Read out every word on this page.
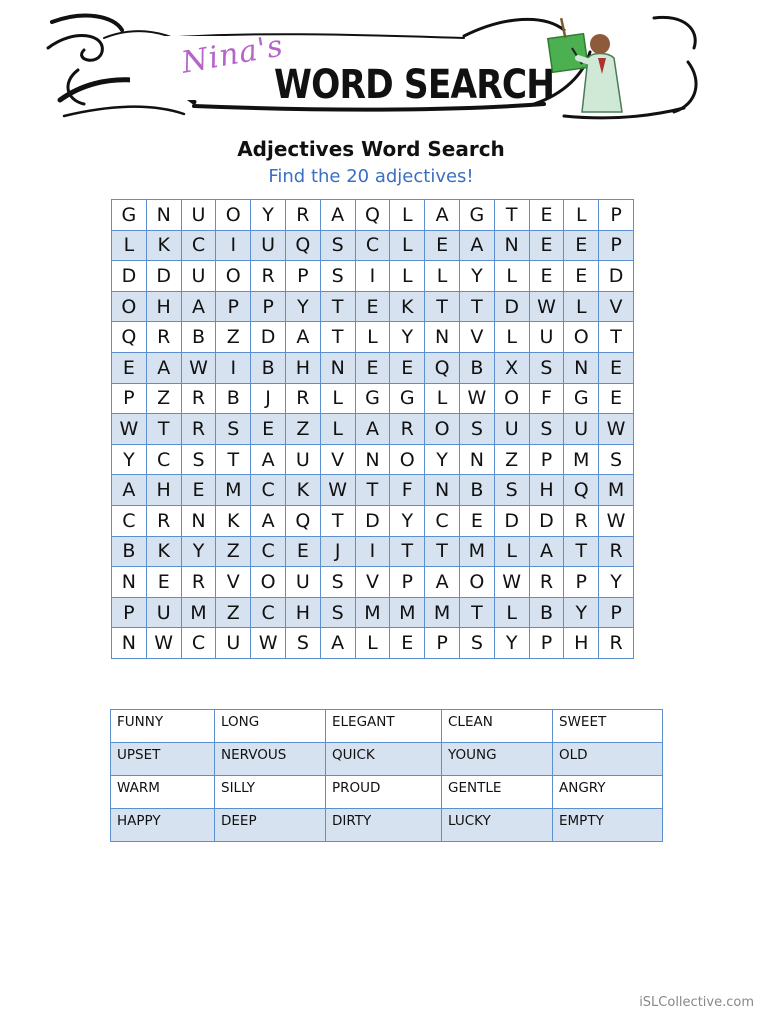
Nina's
WORD SEARCH
Adjectives Word Search
Find the 20 adjectives!
G	N	U	O	Y	R	A	Q	L	A	G	T	E	L	P
L	K	C	I	U	Q	S	C	L	E	A	N	E	E	P
D	D	U	O	R	P	S	I	L	L	Y	L	E	E	D
O	H	A	P	P	Y	T	E	K	T	T	D	W	L	V
Q	R	B	Z	D	A	T	L	Y	N	V	L	U	O	T
E	A	W	I	B	H	N	E	E	Q	B	X	S	N	E
P	Z	R	B	J	R	L	G	G	L	W	O	F	G	E
W	T	R	S	E	Z	L	A	R	O	S	U	S	U	W
Y	C	S	T	A	U	V	N	O	Y	N	Z	P	M	S
A	H	E	M	C	K	W	T	F	N	B	S	H	Q	M
C	R	N	K	A	Q	T	D	Y	C	E	D	D	R	W
B	K	Y	Z	C	E	J	I	T	T	M	L	A	T	R
N	E	R	V	O	U	S	V	P	A	O	W	R	P	Y
P	U	M	Z	C	H	S	M	M	M	T	L	B	Y	P
N	W	C	U	W	S	A	L	E	P	S	Y	P	H	R
FUNNY	LONG	ELEGANT	CLEAN	SWEET
UPSET	NERVOUS	QUICK	YOUNG	OLD
WARM	SILLY	PROUD	GENTLE	ANGRY
HAPPY	DEEP	DIRTY	LUCKY	EMPTY
iSLCollective.com
